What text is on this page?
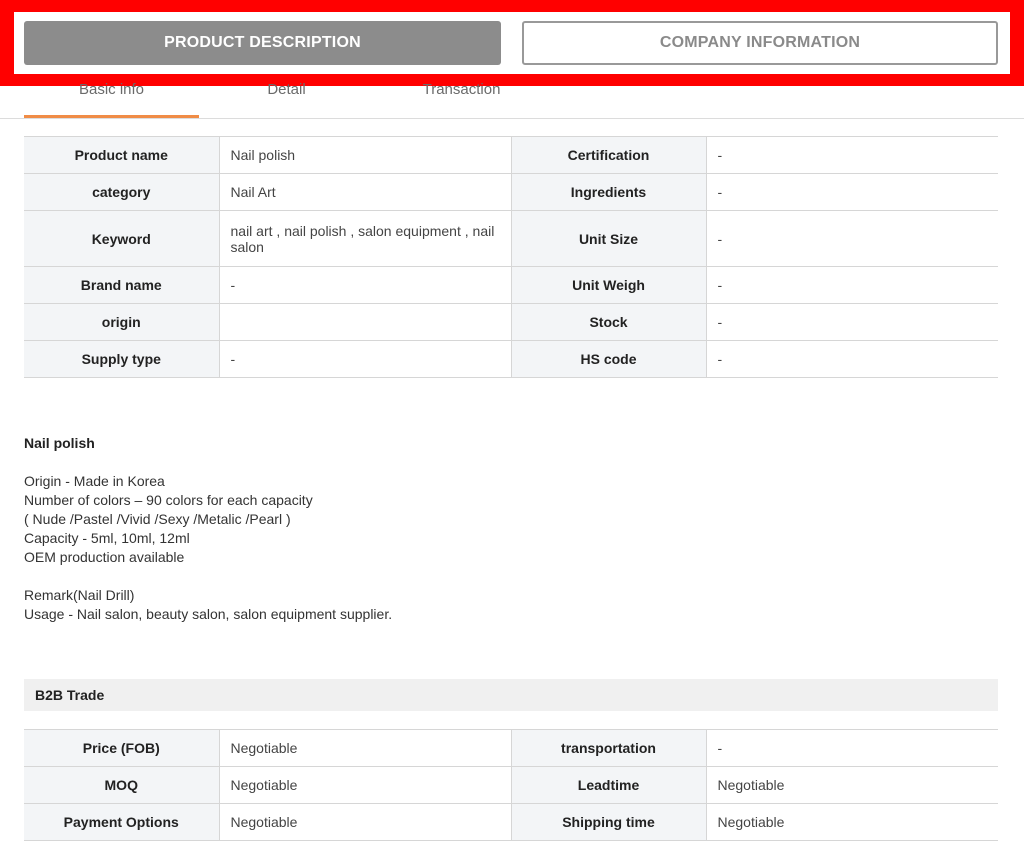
PRODUCT DESCRIPTION	COMPANY INFORMATION
Basic info	Detail	Transaction
Product name	Nail polish	Certification	-
category	Nail Art	Ingredients	-
Keyword	nail art , nail polish , salon equipment , nail salon	Unit Size	-
Brand name	-	Unit Weigh	-
origin		Stock	-
Supply type	-	HS code	-
Nail polish
Origin - Made in Korea
Number of colors – 90 colors for each capacity
( Nude /Pastel /Vivid /Sexy /Metalic /Pearl )
Capacity - 5ml, 10ml, 12ml
OEM production available
Remark(Nail Drill)
Usage - Nail salon, beauty salon, salon equipment supplier.
B2B Trade
Price (FOB)	Negotiable	transportation	-
MOQ	Negotiable	Leadtime	Negotiable
Payment Options	Negotiable	Shipping time	Negotiable
